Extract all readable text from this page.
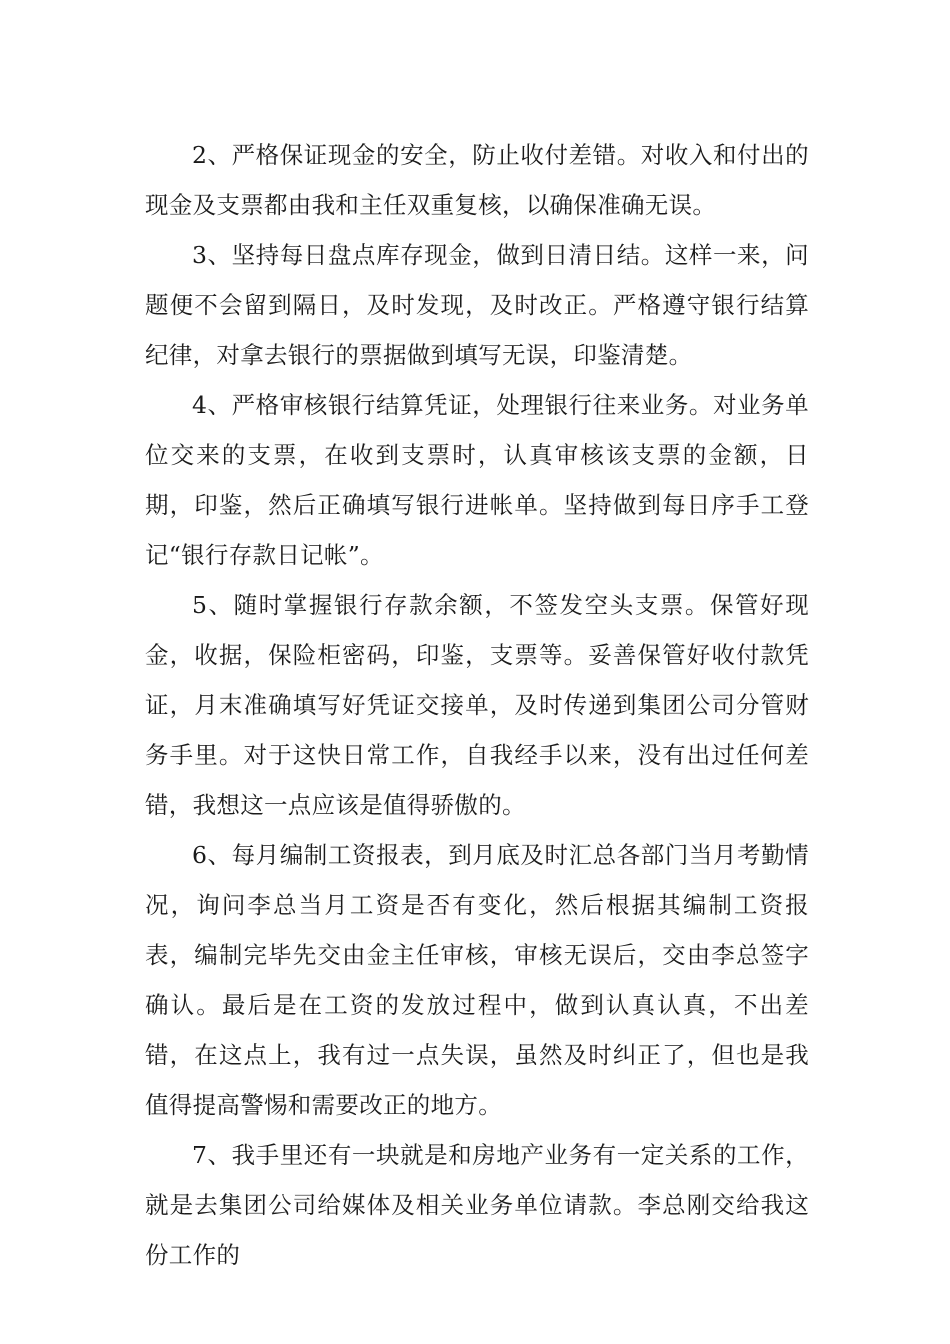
2、严格保证现金的安全，防止收付差错。对收入和付出的现金及支票都由我和主任双重复核，以确保准确无误。

3、坚持每日盘点库存现金，做到日清日结。这样一来，问题便不会留到隔日，及时发现，及时改正。严格遵守银行结算纪律，对拿去银行的票据做到填写无误，印鉴清楚。

4、严格审核银行结算凭证，处理银行往来业务。对业务单位交来的支票，在收到支票时，认真审核该支票的金额，日期，印鉴，然后正确填写银行进帐单。坚持做到每日序手工登记“银行存款日记帐”。

5、随时掌握银行存款余额，不签发空头支票。保管好现金，收据，保险柜密码，印鉴，支票等。妥善保管好收付款凭证，月末准确填写好凭证交接单，及时传递到集团公司分管财务手里。对于这快日常工作，自我经手以来，没有出过任何差错，我想这一点应该是值得骄傲的。

6、每月编制工资报表，到月底及时汇总各部门当月考勤情况，询问李总当月工资是否有变化，然后根据其编制工资报表，编制完毕先交由金主任审核，审核无误后，交由李总签字确认。最后是在工资的发放过程中，做到认真认真，不出差错，在这点上，我有过一点失误，虽然及时纠正了，但也是我值得提高警惕和需要改正的地方。

7、我手里还有一块就是和房地产业务有一定关系的工作，就是去集团公司给媒体及相关业务单位请款。李总刚交给我这份工作的
